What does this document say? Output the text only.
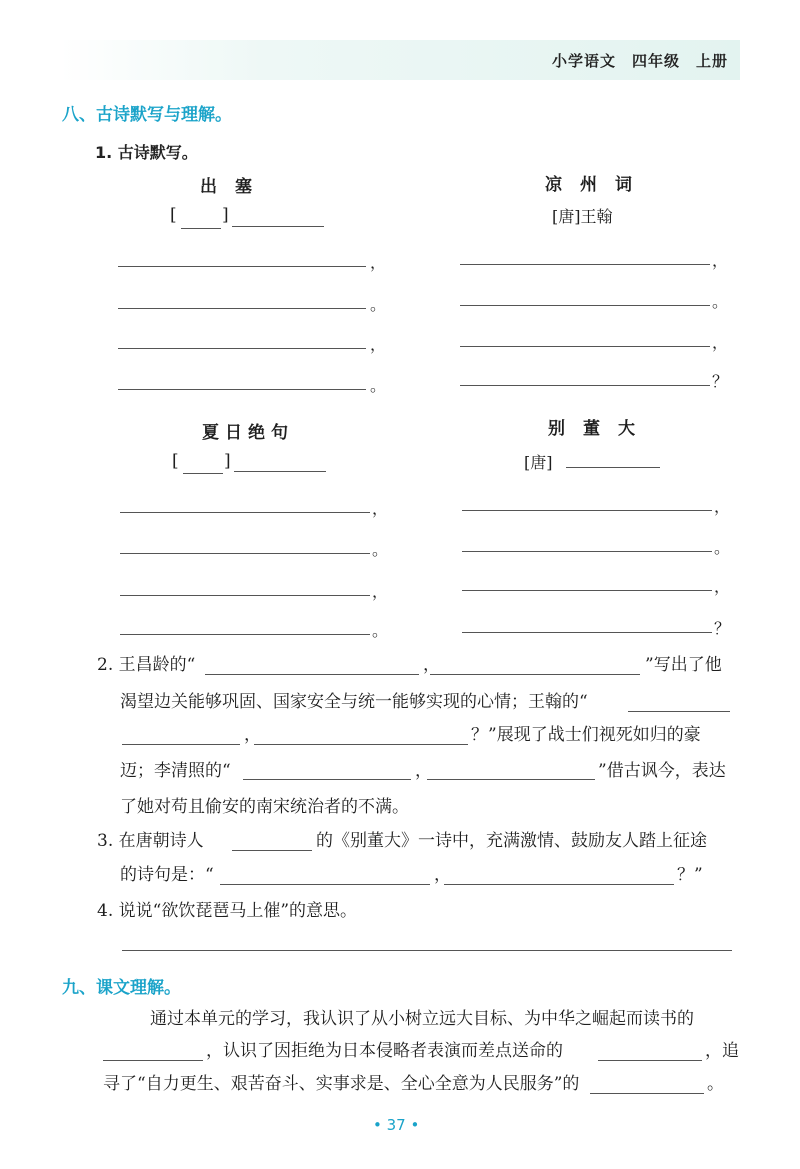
小学语文　四年级　上册
八、古诗默写与理解。
1. 古诗默写。
出塞
[	]
，
。
，
。
凉州词
[唐]王翰
，
。
，
？
夏日绝句
[	]
，
。
，
。
别董大
[唐]
，
。
，
？
2. 王昌龄的“	，	”写出了他
渴望边关能够巩固、国家安全与统一能够实现的心情；王翰的“
，	？”展现了战士们视死如归的豪
迈；李清照的“	，	”借古讽今，表达
了她对苟且偷安的南宋统治者的不满。
3. 在唐朝诗人	的《别董大》一诗中，充满激情、鼓励友人踏上征途
的诗句是：“	，	？”
4. 说说“欲饮琵琶马上催”的意思。
九、课文理解。
通过本单元的学习，我认识了从小树立远大目标、为中华之崛起而读书的
，认识了因拒绝为日本侵略者表演而差点送命的	，追
寻了“自力更生、艰苦奋斗、实事求是、全心全意为人民服务”的	。
• 37 •
